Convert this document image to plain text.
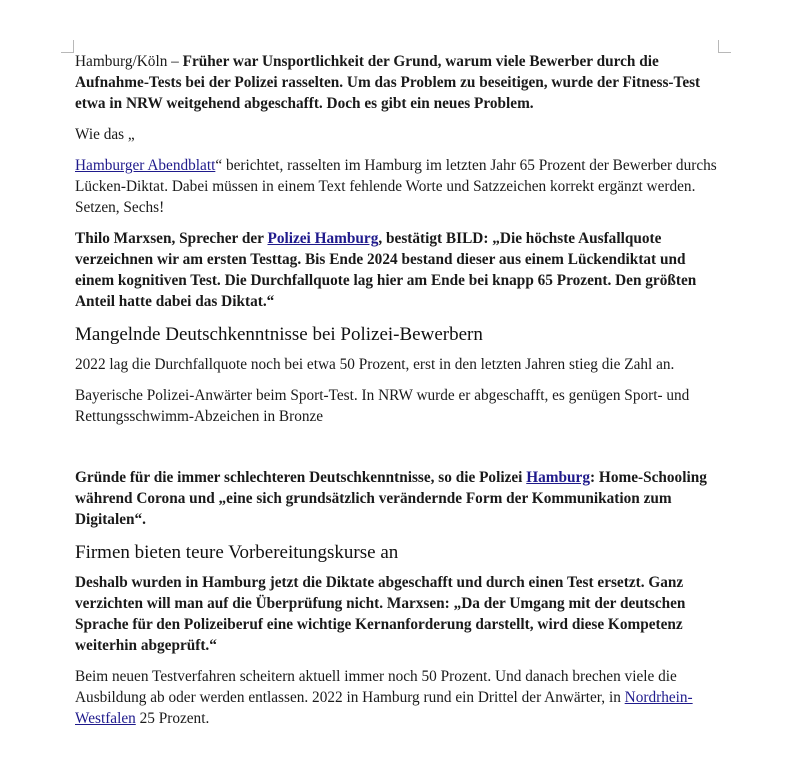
Hamburg/Köln – Früher war Unsportlichkeit der Grund, warum viele Bewerber durch die Aufnahme-Tests bei der Polizei rasselten. Um das Problem zu beseitigen, wurde der Fitness-Test etwa in NRW weitgehend abgeschafft. Doch es gibt ein neues Problem.

Wie das „

Hamburger Abendblatt“ berichtet, rasselten im Hamburg im letzten Jahr 65 Prozent der Bewerber durchs Lücken-Diktat. Dabei müssen in einem Text fehlende Worte und Satzzeichen korrekt ergänzt werden. Setzen, Sechs!

Thilo Marxsen, Sprecher der Polizei Hamburg, bestätigt BILD: „Die höchste Ausfallquote verzeichnen wir am ersten Testtag. Bis Ende 2024 bestand dieser aus einem Lückendiktat und einem kognitiven Test. Die Durchfallquote lag hier am Ende bei knapp 65 Prozent. Den größten Anteil hatte dabei das Diktat.“

Mangelnde Deutschkenntnisse bei Polizei-Bewerbern

2022 lag die Durchfallquote noch bei etwa 50 Prozent, erst in den letzten Jahren stieg die Zahl an.

Bayerische Polizei-Anwärter beim Sport-Test. In NRW wurde er abgeschafft, es genügen Sport- und Rettungsschwimm-Abzeichen in Bronze

Gründe für die immer schlechteren Deutschkenntnisse, so die Polizei Hamburg: Home-Schooling während Corona und „eine sich grundsätzlich verändernde Form der Kommunikation zum Digitalen“.

Firmen bieten teure Vorbereitungskurse an

Deshalb wurden in Hamburg jetzt die Diktate abgeschafft und durch einen Test ersetzt. Ganz verzichten will man auf die Überprüfung nicht. Marxsen: „Da der Umgang mit der deutschen Sprache für den Polizeiberuf eine wichtige Kernanforderung darstellt, wird diese Kompetenz weiterhin abgeprüft.“

Beim neuen Testverfahren scheitern aktuell immer noch 50 Prozent. Und danach brechen viele die Ausbildung ab oder werden entlassen. 2022 in Hamburg rund ein Drittel der Anwärter, in Nordrhein-Westfalen 25 Prozent.
